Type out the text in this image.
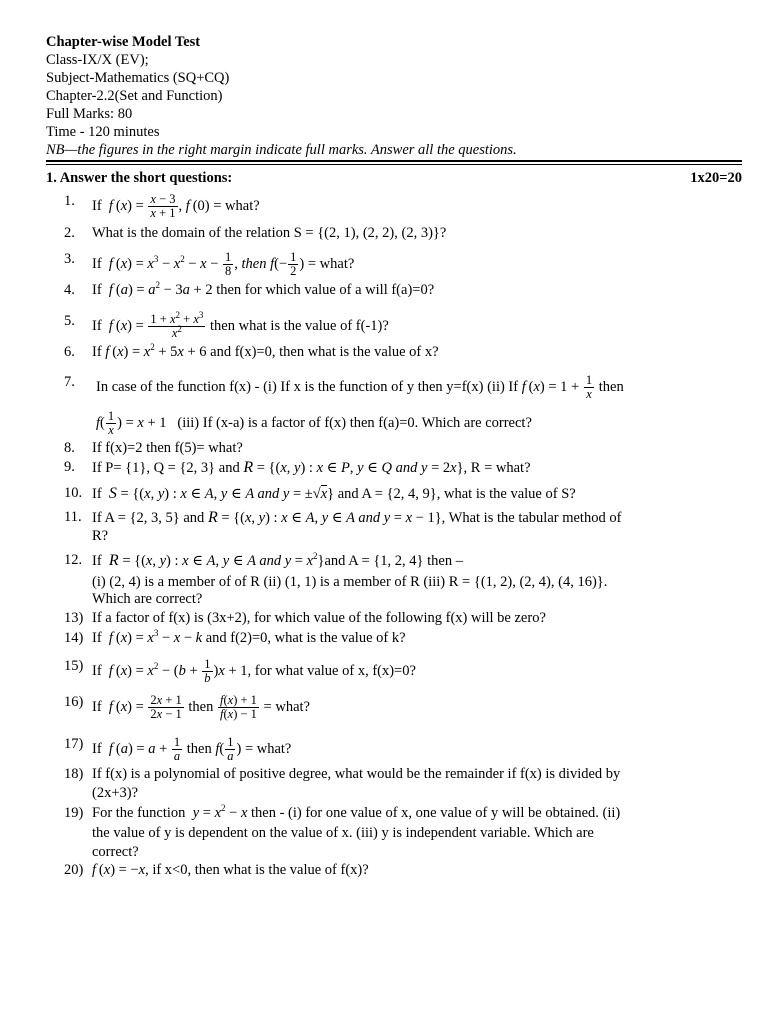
Chapter-wise Model Test
Class-IX/X (EV);
Subject-Mathematics (SQ+CQ)
Chapter-2.2(Set and Function)
Full Marks: 80
Time - 120 minutes
NB—the figures in the right margin indicate full marks. Answer all the questions.
1. Answer the short questions:	1x20=20
1. If f $(x) = \frac{x - 3}{x + 1}$ , f (0) = what?
2. What is the domain of the relation S = {(2, 1), (2, 2), (2, 3)}?
3. If f $(x) = x^3 - x^2 - x - \frac{1}{8}$ , then $f(- \frac{1}{2}$ ) = what?
4. If f $(a) = a^2 - 3a + 2$ then for which value of a will f(a)=0?
5. If f $(x) = \frac{1 + x^2 + x^3}{x^2}$ then what is the value of f(-1)?
6. If f $(x) = x^2 + 5x + 6$ and f(x)=0, then what is the value of x?
7. In case of the function f(x) - (i) If x is the function of y then y=f(x) (ii) If f $(x) = 1 + \frac{1}{x}$ then
$f( \frac{1}{x}$ ) = x + 1   (iii) If (x-a) is a factor of f(x) then f(a)=0. Which are correct?
8. If f(x)=2 then f(5)= what?
9. If P= {1}, Q = {2, 3} and R = {(x, y) : x ∈ P, y ∈ Q and y = 2x}, R = what?
10. If S = {(x, y) : x ∈ A, y ∈ A and y = ±√x} and A = {2, 4, 9}, what is the value of S?
11. If A = {2, 3, 5} and R = {(x, y) : x ∈ A, y ∈ A and y = x − 1}, What is the tabular method of
R?
12. If R = {(x, y) : x ∈ A, y ∈ A and $y = x^2\}and$ A = {1, 2, 4} then –
(i) (2, 4) is a member of of R (ii) (1, 1) is a member of R (iii) R = {(1, 2), (2, 4), (4, 16)}.
Which are correct?
13) If a factor of f(x) is (3x+2), for which value of the following f(x) will be zero?
14) If f $(x) = x^3 - x - k$ and f(2)=0, what is the value of k?
15) If f $(x) = x^2 - (b + \frac{1}{b} )x + 1$, for what value of x, f(x)=0?
16) If f $(x) = \frac{2x + 1}{2x - 1}$ then $\frac{f(x) + 1}{f(x) - 1}$ = what?
17) If f $(a) = a + \frac{1}{a}$ then $f( \frac{1}{a}$ ) = what?
18) If f(x) is a polynomial of positive degree, what would be the remainder if f(x) is divided by
(2x+3)?
19) For the function $y = x^2 - x$ then - (i) for one value of x, one value of y will be obtained. (ii)
the value of y is dependent on the value of x. (iii) y is independent variable. Which are
correct?
20) f (x) = −x, if x<0, then what is the value of f(x)?
